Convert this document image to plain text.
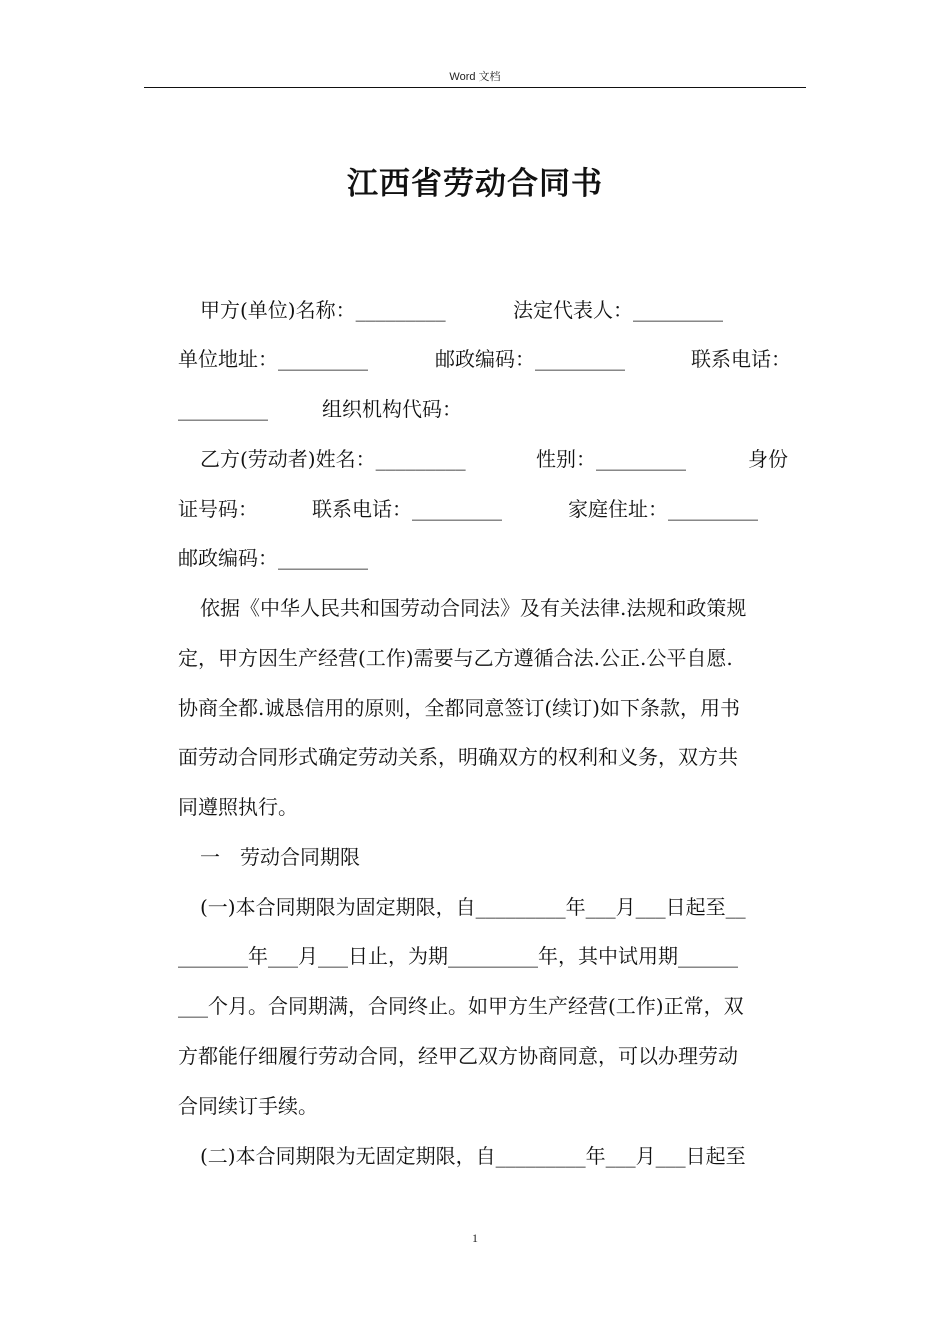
Word 文档
江西省劳动合同书

甲方(单位)名称：_________

	法定代表人：_________

单位地址：_________

	邮政编码：_________

	联系电话：

_________

	组织机构代码：

乙方(劳动者)姓名：_________

	性别：_________

	身份

证号码：

	联系电话：_________

	家庭住址：_________

邮政编码：_________

依据《中华人民共和国劳动合同法》及有关法律.法规和政策规

定，甲方因生产经营(工作)需要与乙方遵循合法.公正.公平自愿.

协商全都.诚恳信用的原则，全都同意签订(续订)如下条款，用书

面劳动合同形式确定劳动关系，明确双方的权利和义务，双方共

同遵照执行。

一　劳动合同期限

(一)本合同期限为固定期限，自_________年___月___日起至__

_______年___月___日止，为期_________年，其中试用期______

___个月。合同期满，合同终止。如甲方生产经营(工作)正常，双

方都能仔细履行劳动合同，经甲乙双方协商同意，可以办理劳动

合同续订手续。

(二)本合同期限为无固定期限，自_________年___月___日起至

1
